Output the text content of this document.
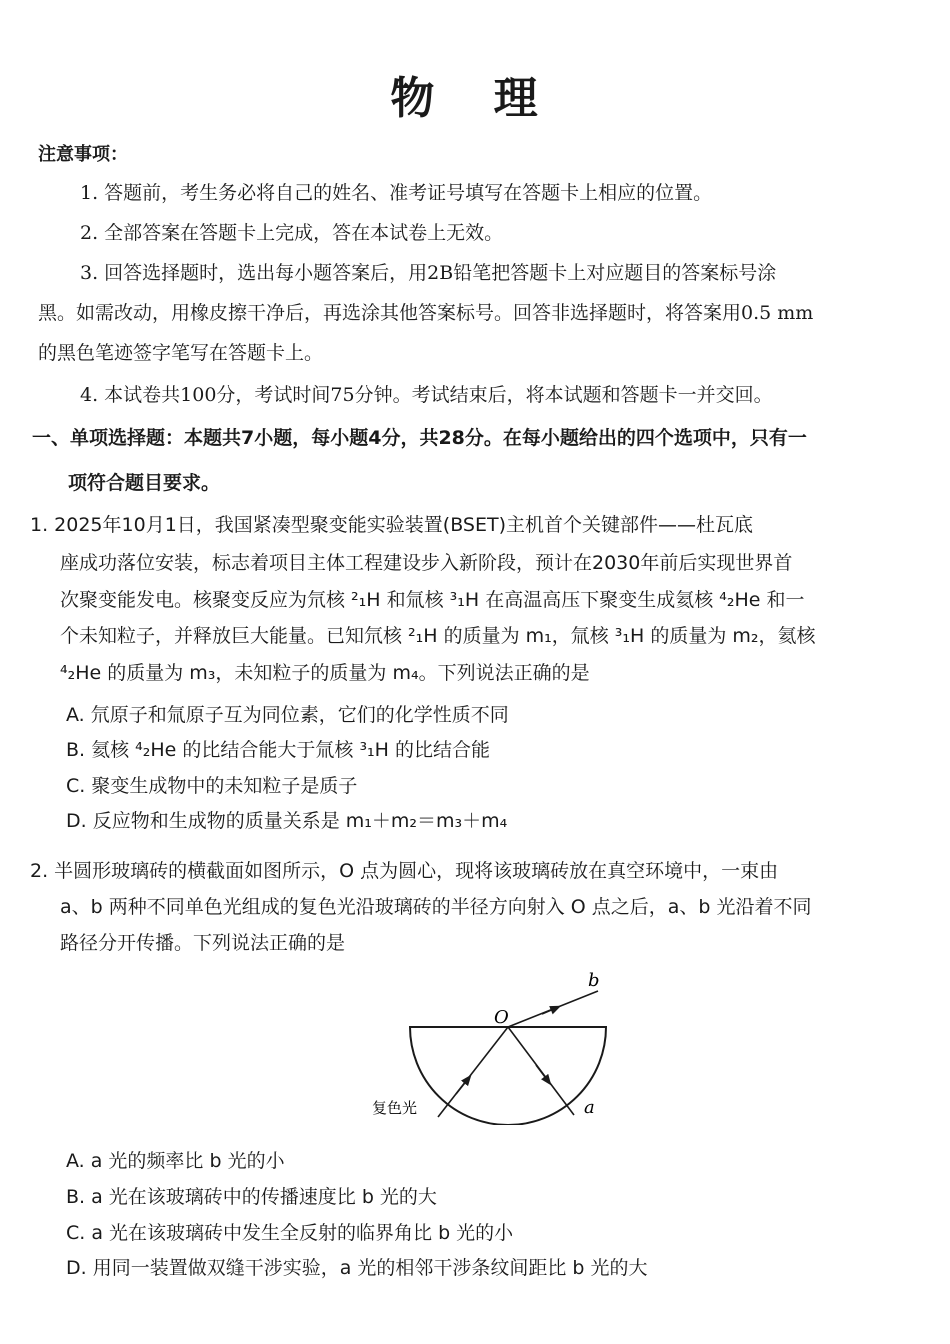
物 理
注意事项：
1. 答题前，考生务必将自己的姓名、准考证号填写在答题卡上相应的位置。
2. 全部答案在答题卡上完成，答在本试卷上无效。
3. 回答选择题时，选出每小题答案后，用2B铅笔把答题卡上对应题目的答案标号涂
黑。如需改动，用橡皮擦干净后，再选涂其他答案标号。回答非选择题时，将答案用0.5 mm
的黑色笔迹签字笔写在答题卡上。
4. 本试卷共100分，考试时间75分钟。考试结束后，将本试题和答题卡一并交回。
一、单项选择题：本题共7小题，每小题4分，共28分。在每小题给出的四个选项中，只有一
项符合题目要求。
1. 2025年10月1日，我国紧凑型聚变能实验装置(BSET)主机首个关键部件——杜瓦底
座成功落位安装，标志着项目主体工程建设步入新阶段，预计在2030年前后实现世界首
次聚变能发电。核聚变反应为氘核 ²₁H 和氚核 ³₁H 在高温高压下聚变生成氦核 ⁴₂He 和一
个未知粒子，并释放巨大能量。已知氘核 ²₁H 的质量为 m₁，氚核 ³₁H 的质量为 m₂，氦核
⁴₂He 的质量为 m₃，未知粒子的质量为 m₄。下列说法正确的是
A. 氘原子和氚原子互为同位素，它们的化学性质不同
B. 氦核 ⁴₂He 的比结合能大于氚核 ³₁H 的比结合能
C. 聚变生成物中的未知粒子是质子
D. 反应物和生成物的质量关系是 m₁＋m₂＝m₃＋m₄
2. 半圆形玻璃砖的横截面如图所示，O 点为圆心，现将该玻璃砖放在真空环境中，一束由
a、b 两种不同单色光组成的复色光沿玻璃砖的半径方向射入 O 点之后，a、b 光沿着不同
路径分开传播。下列说法正确的是
O
b
a
复色光
A. a 光的频率比 b 光的小
B. a 光在该玻璃砖中的传播速度比 b 光的大
C. a 光在该玻璃砖中发生全反射的临界角比 b 光的小
D. 用同一装置做双缝干涉实验，a 光的相邻干涉条纹间距比 b 光的大
